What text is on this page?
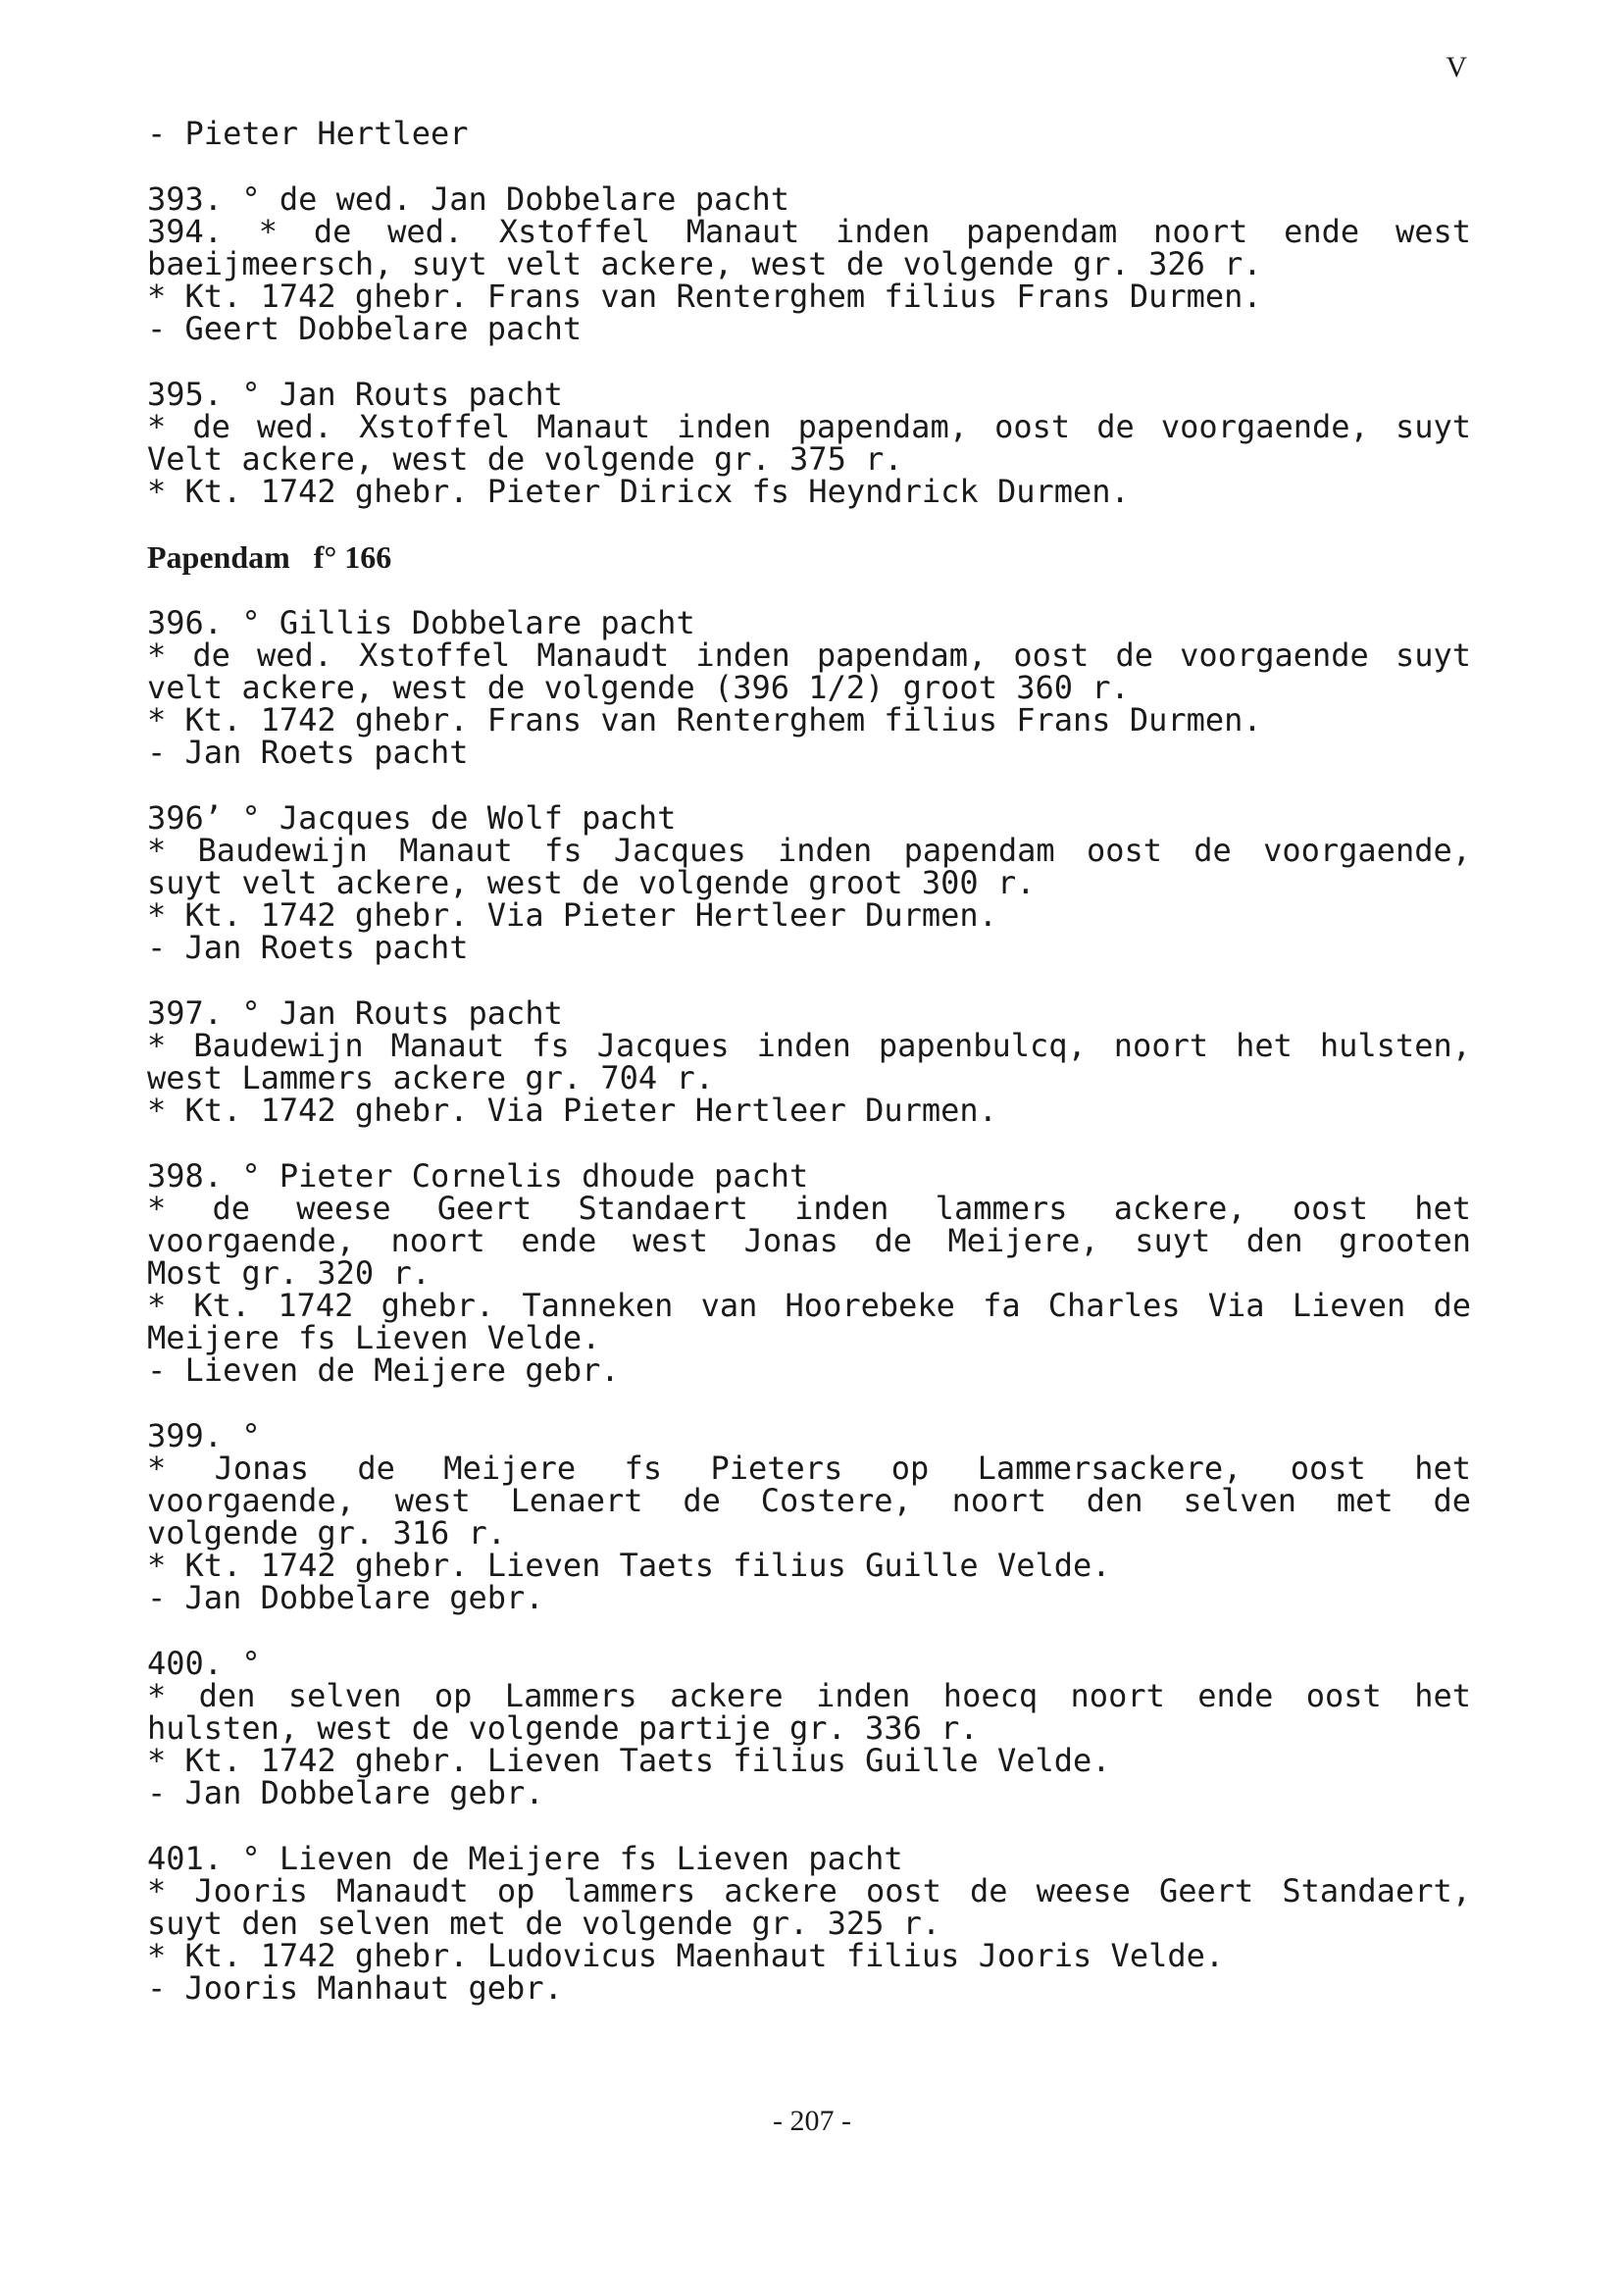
V
- Pieter Hertleer
393. ° de wed. Jan Dobbelare pacht
394. * de wed. Xstoffel Manaut inden papendam noort ende west
baeijmeersch, suyt velt ackere, west de volgende gr. 326 r.
* Kt. 1742 ghebr. Frans van Renterghem filius Frans Durmen.
- Geert Dobbelare pacht
395. ° Jan Routs pacht
* de wed. Xstoffel Manaut inden papendam, oost de voorgaende, suyt
Velt ackere, west de volgende gr. 375 r.
* Kt. 1742 ghebr. Pieter Diricx fs Heyndrick Durmen.
Papendam   f° 166
396. ° Gillis Dobbelare pacht
* de wed. Xstoffel Manaudt inden papendam, oost de voorgaende suyt
velt ackere, west de volgende (396 1/2) groot 360 r.
* Kt. 1742 ghebr. Frans van Renterghem filius Frans Durmen.
- Jan Roets pacht
396’ ° Jacques de Wolf pacht
* Baudewijn Manaut fs Jacques inden papendam oost de voorgaende,
suyt velt ackere, west de volgende groot 300 r.
* Kt. 1742 ghebr. Via Pieter Hertleer Durmen.
- Jan Roets pacht
397. ° Jan Routs pacht
* Baudewijn Manaut fs Jacques inden papenbulcq, noort het hulsten,
west Lammers ackere gr. 704 r.
* Kt. 1742 ghebr. Via Pieter Hertleer Durmen.
398. ° Pieter Cornelis dhoude pacht
* de weese Geert Standaert inden lammers ackere, oost het
voorgaende, noort ende west Jonas de Meijere, suyt den grooten
Most gr. 320 r.
* Kt. 1742 ghebr. Tanneken van Hoorebeke fa Charles Via Lieven de
Meijere fs Lieven Velde.
- Lieven de Meijere gebr.
399. °
* Jonas de Meijere fs Pieters op Lammersackere, oost het
voorgaende, west Lenaert de Costere, noort den selven met de
volgende gr. 316 r.
* Kt. 1742 ghebr. Lieven Taets filius Guille Velde.
- Jan Dobbelare gebr.
400. °
* den selven op Lammers ackere inden hoecq noort ende oost het
hulsten, west de volgende partije gr. 336 r.
* Kt. 1742 ghebr. Lieven Taets filius Guille Velde.
- Jan Dobbelare gebr.
401. ° Lieven de Meijere fs Lieven pacht
* Jooris Manaudt op lammers ackere oost de weese Geert Standaert,
suyt den selven met de volgende gr. 325 r.
* Kt. 1742 ghebr. Ludovicus Maenhaut filius Jooris Velde.
- Jooris Manhaut gebr.
- 207 -
